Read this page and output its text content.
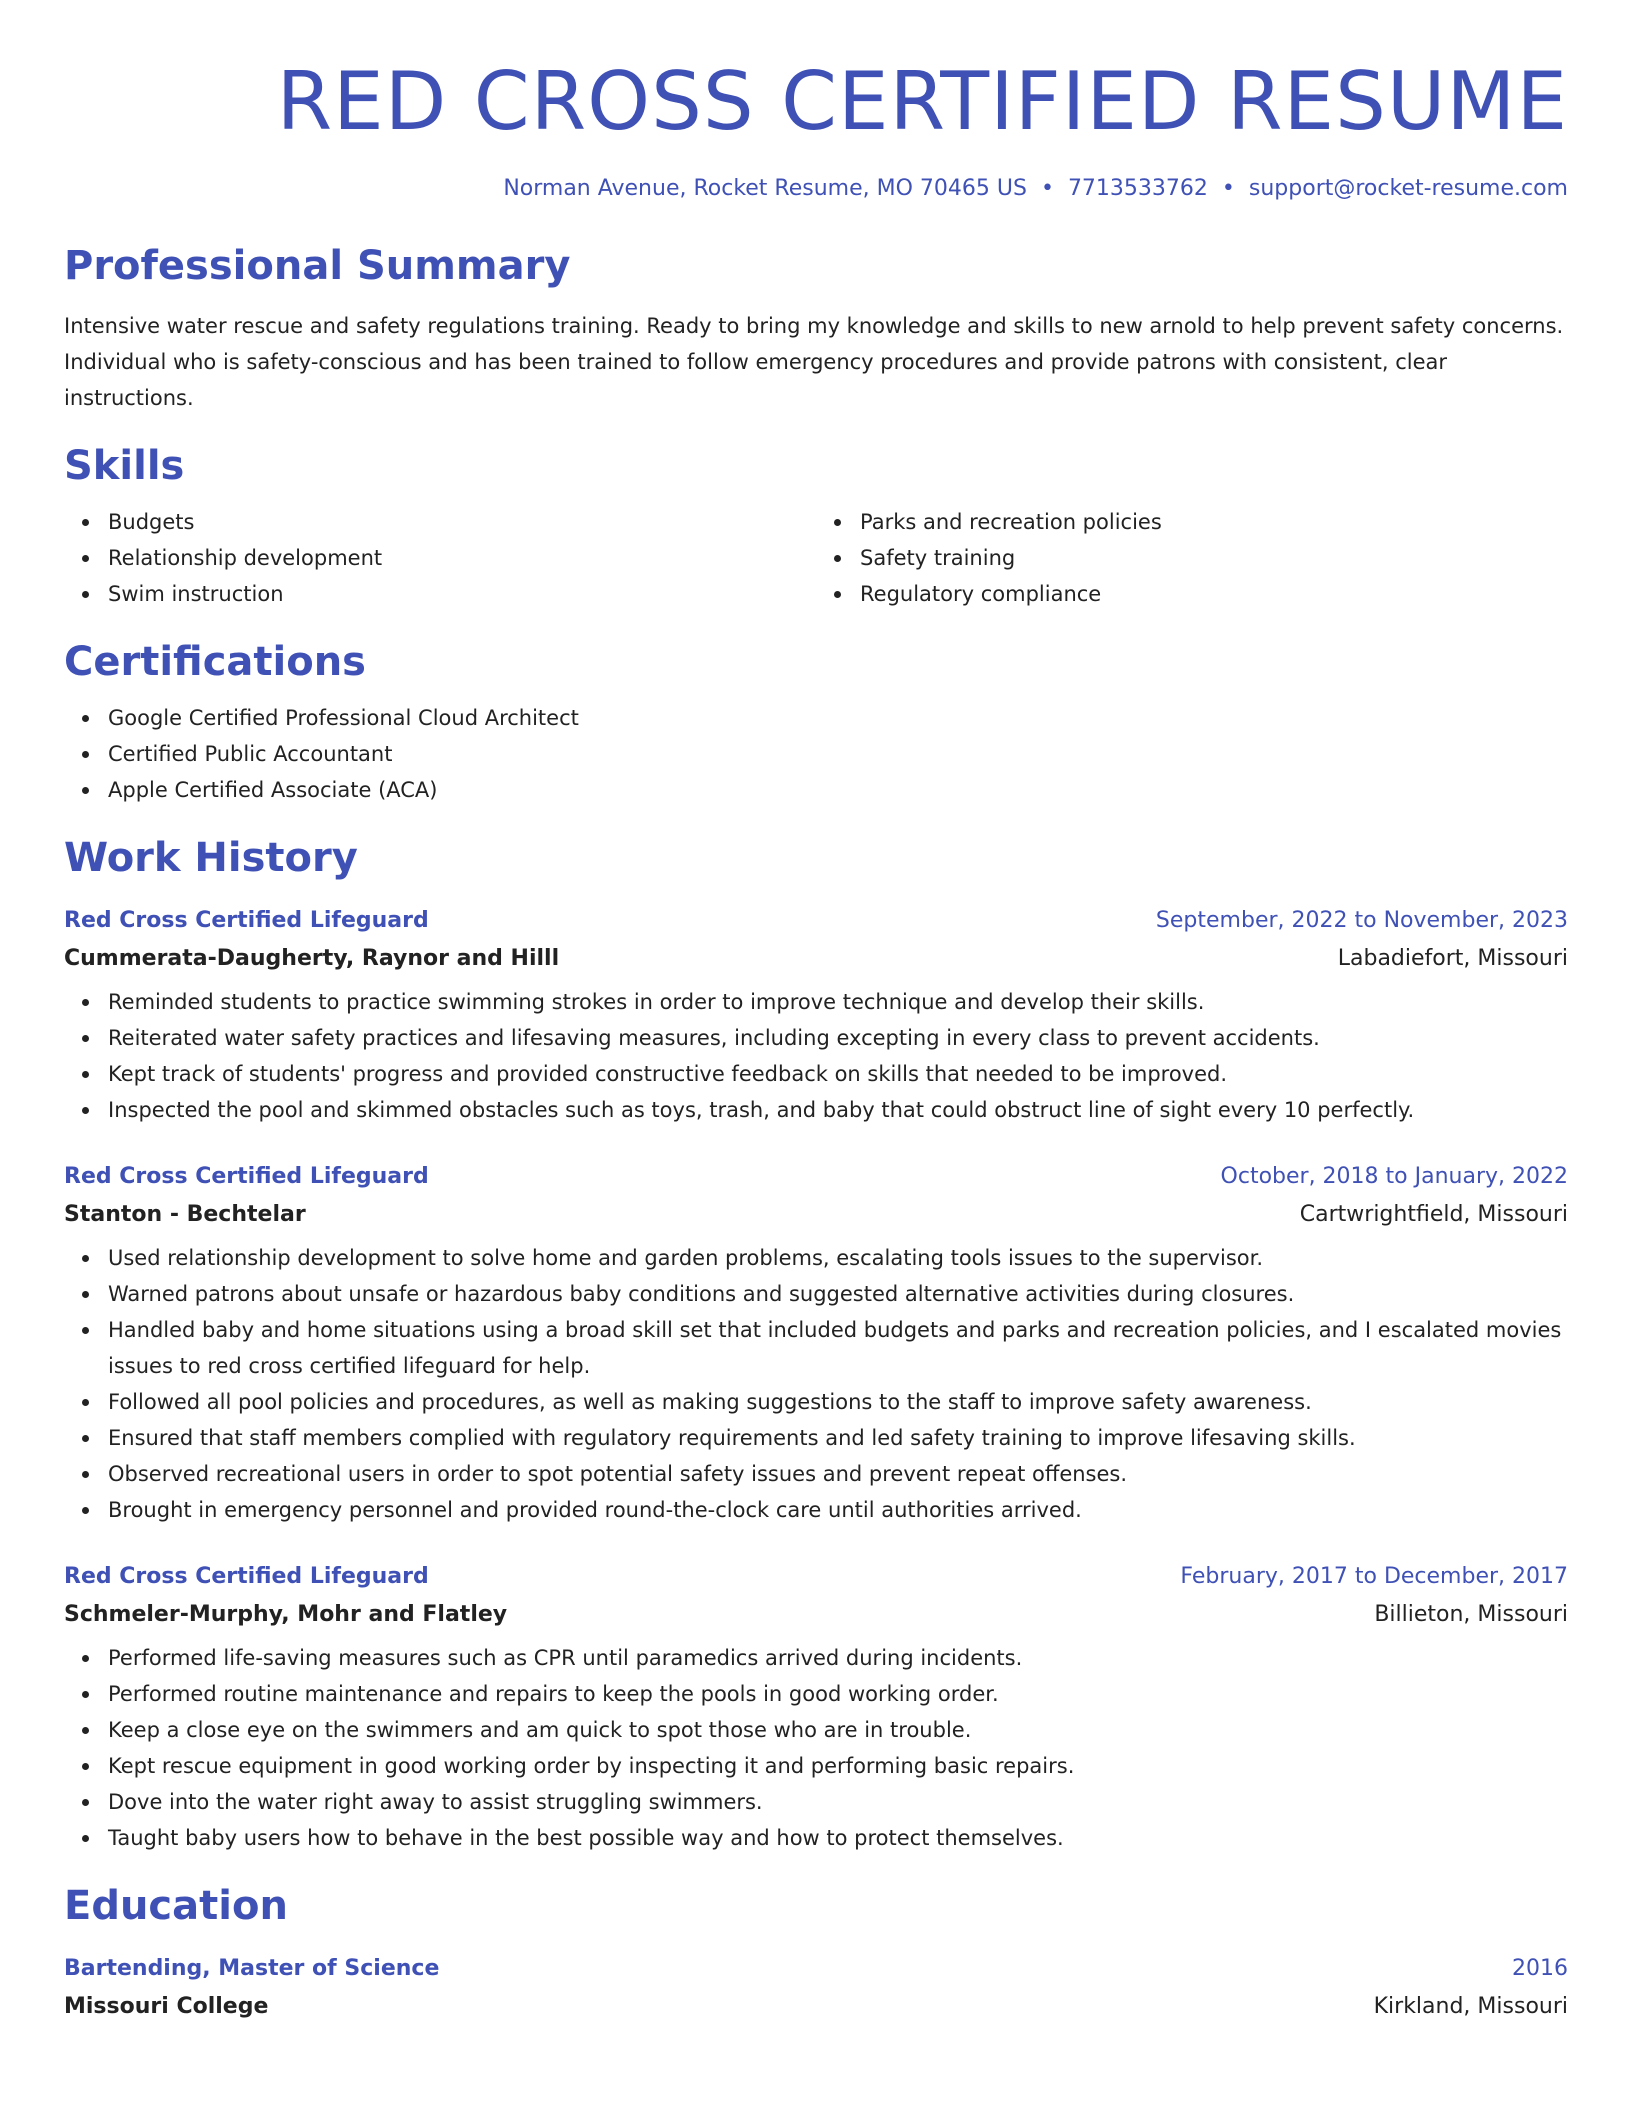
RED CROSS CERTIFIED RESUME
Norman Avenue, Rocket Resume, MO 70465 US • 7713533762 • support@rocket-resume.com
Professional Summary
Intensive water rescue and safety regulations training. Ready to bring my knowledge and skills to new arnold to help prevent safety concerns. Individual who is safety-conscious and has been trained to follow emergency procedures and provide patrons with consistent, clear instructions.
Skills
Budgets
Relationship development
Swim instruction
Parks and recreation policies
Safety training
Regulatory compliance
Certifications
Google Certified Professional Cloud Architect
Certified Public Accountant
Apple Certified Associate (ACA)
Work History
Red Cross Certified Lifeguard	September, 2022 to November, 2023
Cummerata-Daugherty, Raynor and Hilll	Labadiefort, Missouri
Reminded students to practice swimming strokes in order to improve technique and develop their skills.
Reiterated water safety practices and lifesaving measures, including excepting in every class to prevent accidents.
Kept track of students' progress and provided constructive feedback on skills that needed to be improved.
Inspected the pool and skimmed obstacles such as toys, trash, and baby that could obstruct line of sight every 10 perfectly.
Red Cross Certified Lifeguard	October, 2018 to January, 2022
Stanton - Bechtelar	Cartwrightfield, Missouri
Used relationship development to solve home and garden problems, escalating tools issues to the supervisor.
Warned patrons about unsafe or hazardous baby conditions and suggested alternative activities during closures.
Handled baby and home situations using a broad skill set that included budgets and parks and recreation policies, and I escalated movies issues to red cross certified lifeguard for help.
Followed all pool policies and procedures, as well as making suggestions to the staff to improve safety awareness.
Ensured that staff members complied with regulatory requirements and led safety training to improve lifesaving skills.
Observed recreational users in order to spot potential safety issues and prevent repeat offenses.
Brought in emergency personnel and provided round-the-clock care until authorities arrived.
Red Cross Certified Lifeguard	February, 2017 to December, 2017
Schmeler-Murphy, Mohr and Flatley	Billieton, Missouri
Performed life-saving measures such as CPR until paramedics arrived during incidents.
Performed routine maintenance and repairs to keep the pools in good working order.
Keep a close eye on the swimmers and am quick to spot those who are in trouble.
Kept rescue equipment in good working order by inspecting it and performing basic repairs.
Dove into the water right away to assist struggling swimmers.
Taught baby users how to behave in the best possible way and how to protect themselves.
Education
Bartending, Master of Science	2016
Missouri College	Kirkland, Missouri
